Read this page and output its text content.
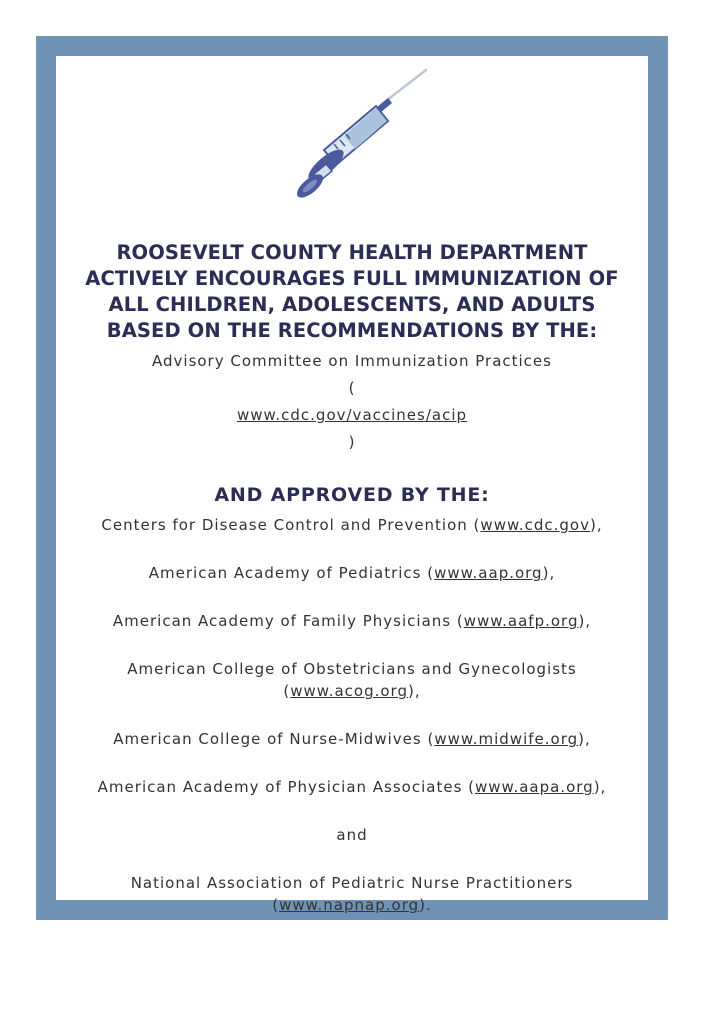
ROOSEVELT COUNTY HEALTH DEPARTMENT
ACTIVELY ENCOURAGES FULL IMMUNIZATION OF
ALL CHILDREN, ADOLESCENTS, AND ADULTS
BASED ON THE RECOMMENDATIONS BY THE:
Advisory Committee on Immunization Practices
(
www.cdc.gov/vaccines/acip
)
AND APPROVED BY THE:
Centers for Disease Control and Prevention (www.cdc.gov),
American Academy of Pediatrics (www.aap.org),
American Academy of Family Physicians (www.aafp.org),
American College of Obstetricians and Gynecologists
(www.acog.org),
American College of Nurse-Midwives (www.midwife.org),
American Academy of Physician Associates (www.aapa.org),
and
National Association of Pediatric Nurse Practitioners
(www.napnap.org).
